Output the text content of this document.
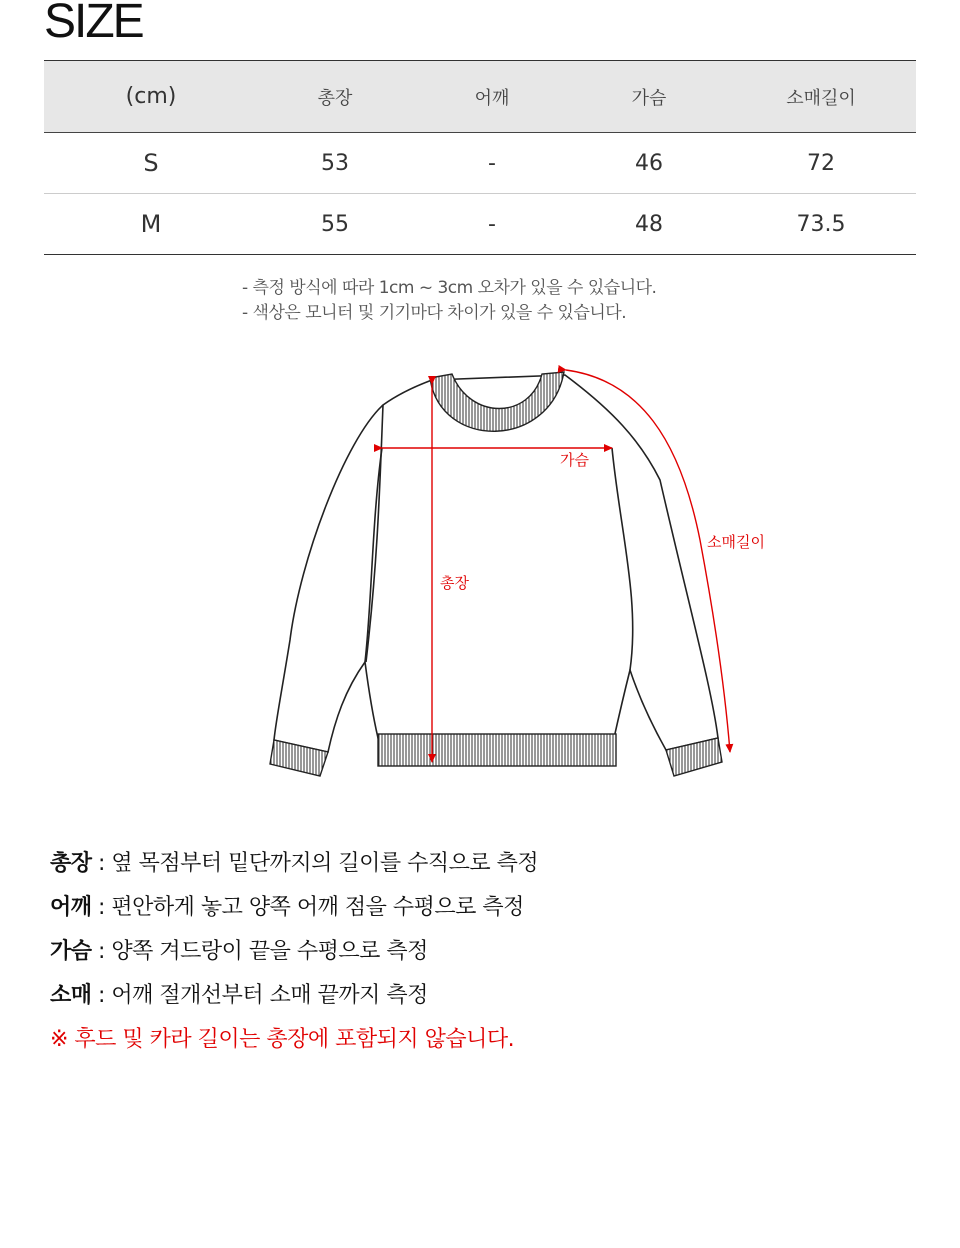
SIZE
(cm)	총장	어깨	가슴	소매길이
S	53	-	46	72
M	55	-	48	73.5
- 측정 방식에 따라 1cm ~ 3cm 오차가 있을 수 있습니다.
- 색상은 모니터 및 기기마다 차이가 있을 수 있습니다.
가슴
총장
소매길이
총장 : 옆 목점부터 밑단까지의 길이를 수직으로 측정
어깨 : 편안하게 놓고 양쪽 어깨 점을 수평으로 측정
가슴 : 양쪽 겨드랑이 끝을 수평으로 측정
소매 : 어깨 절개선부터 소매 끝까지 측정
※ 후드 및 카라 길이는 총장에 포함되지 않습니다.
